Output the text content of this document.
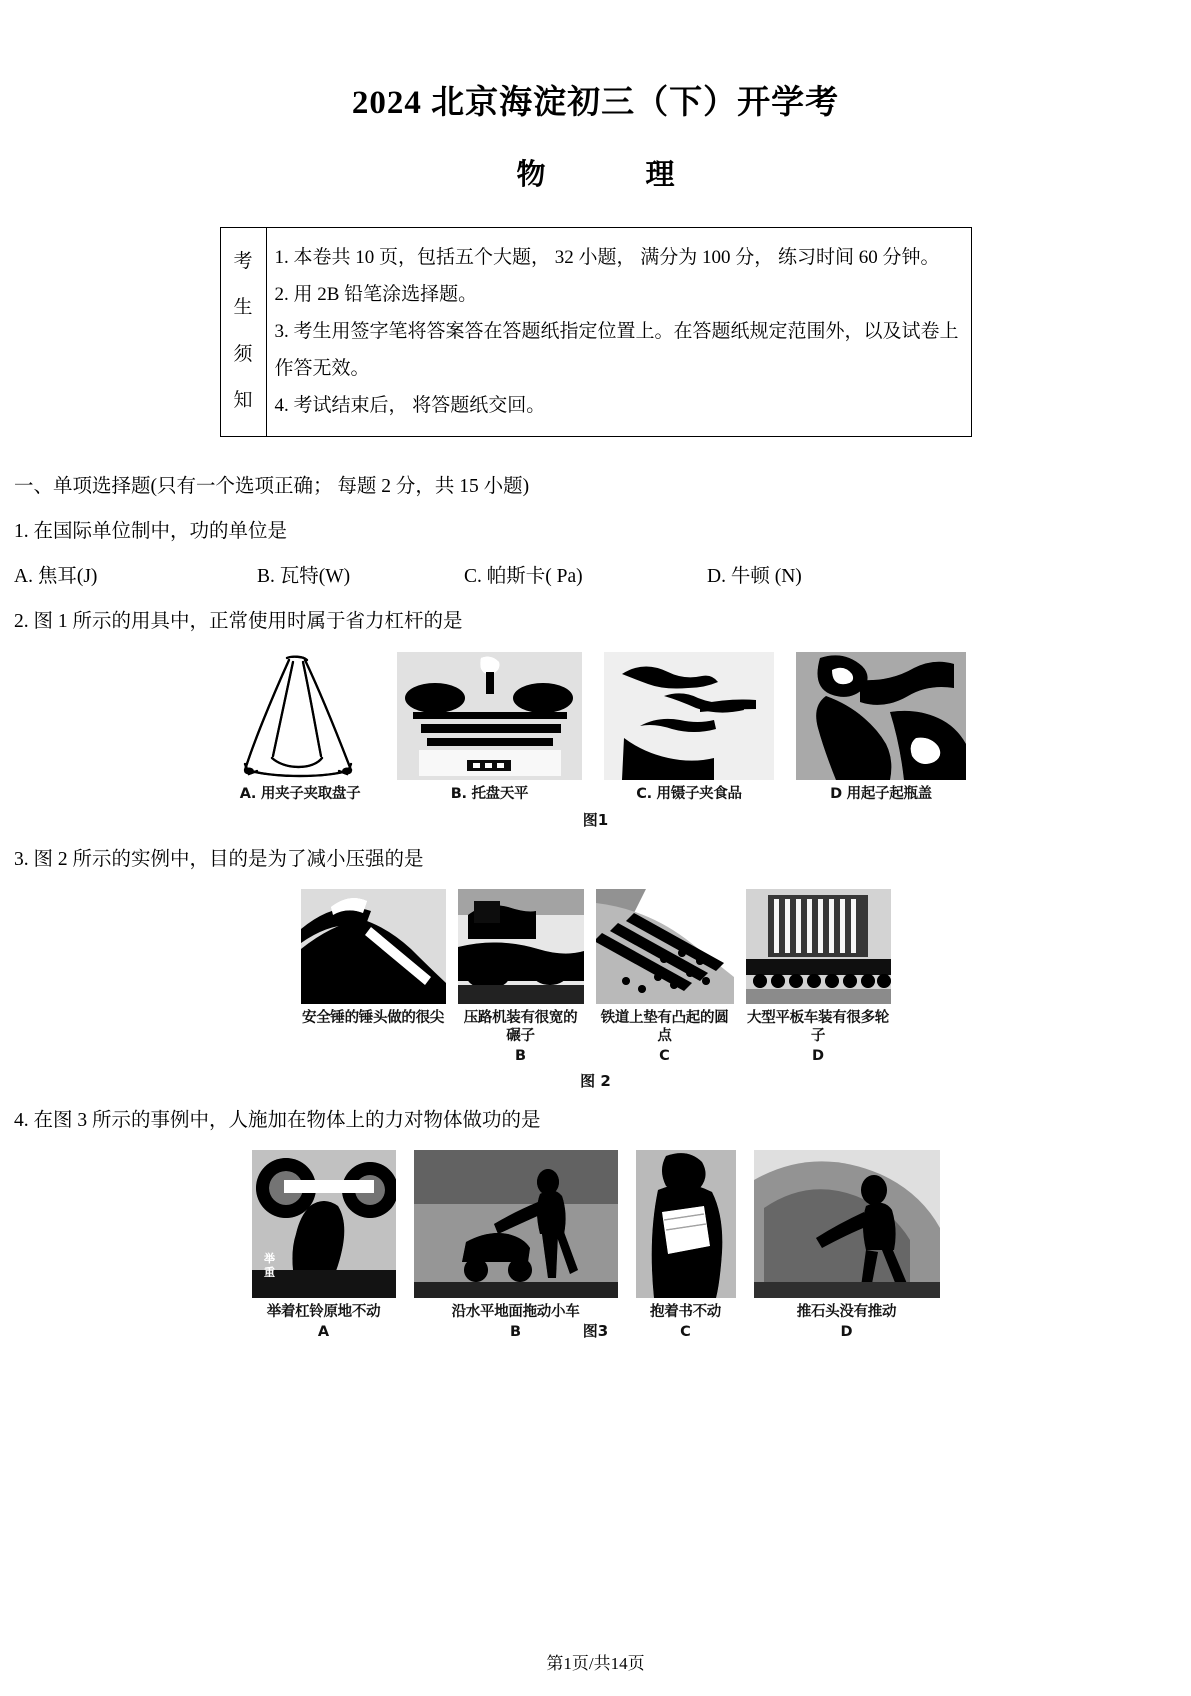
2024 北京海淀初三（下）开学考
物　　理
考
生
须
知

1. 本卷共 10 页，包括五个大题， 32 小题， 满分为 100 分， 练习时间 60 分钟。

2. 用 2B 铅笔涂选择题。

3. 考生用签字笔将答案答在答题纸指定位置上。在答题纸规定范围外，以及试卷上作答无效。

4. 考试结束后， 将答题纸交回。

一、单项选择题(只有一个选项正确； 每题 2 分，共 15 小题)
1. 在国际单位制中，功的单位是
A. 焦耳(J)	B. 瓦特(W)	C. 帕斯卡( Pa)	D. 牛顿 (N)
2. 图 1 所示的用具中，正常使用时属于省力杠杆的是
A. 用夹子夹取盘子	B. 托盘天平	C. 用镊子夹食品	D 用起子起瓶盖
图1
3. 图 2 所示的实例中，目的是为了减小压强的是
安全锤的锤头做的很尖	压路机装有很宽的碾子
B
铁道上垫有凸起的圆点
C
大型平板车装有很多轮子
D
图 2
4. 在图 3 所示的事例中，人施加在物体上的力对物体做功的是
举
重
举着杠铃原地不动
A
沿水平地面拖动小车
B
抱着书不动
C
推石头没有推动
D
图3
第1页/共14页
